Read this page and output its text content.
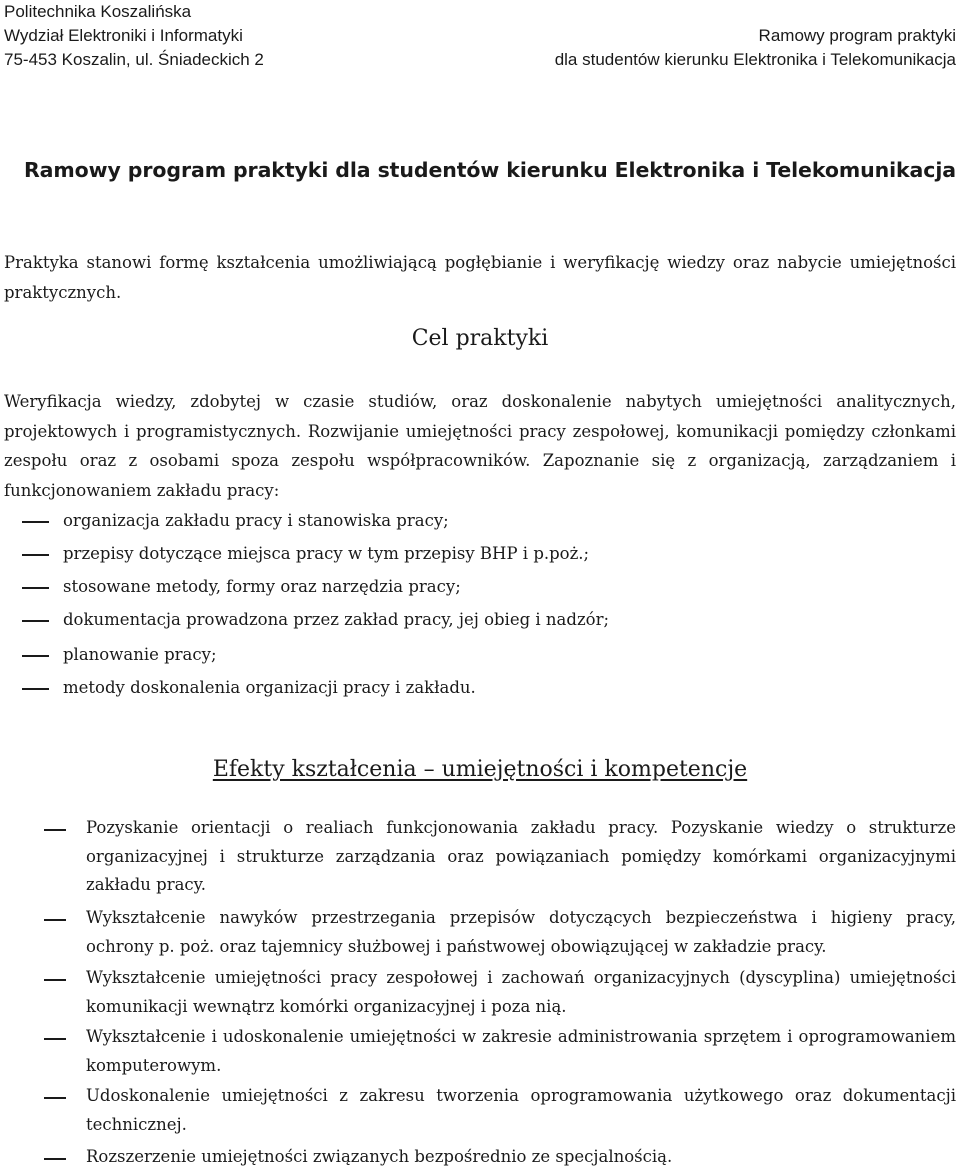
Politechnika Koszalińska
Wydział Elektroniki i Informatyki
75-453 Koszalin, ul. Śniadeckich 2
Ramowy program praktyki
dla studentów kierunku Elektronika i Telekomunikacja
Ramowy program praktyki dla studentów kierunku Elektronika i Telekomunikacja
Praktyka stanowi formę kształcenia umożliwiającą pogłębianie i weryfikację wiedzy oraz nabycie umiejętności praktycznych.
Cel praktyki
Weryfikacja wiedzy, zdobytej w czasie studiów, oraz doskonalenie nabytych umiejętności analitycznych, projektowych i programistycznych. Rozwijanie umiejętności pracy zespołowej, komunikacji pomiędzy członkami zespołu oraz z osobami spoza zespołu współpracowników. Zapoznanie się z organizacją, zarządzaniem i funkcjonowaniem zakładu pracy:
organizacja zakładu pracy i stanowiska pracy;
przepisy dotyczące miejsca pracy w tym przepisy BHP i p.poż.;
stosowane metody, formy oraz narzędzia pracy;
dokumentacja prowadzona przez zakład pracy, jej obieg i nadzór;
planowanie pracy;
metody doskonalenia organizacji pracy i zakładu.
Efekty kształcenia – umiejętności i kompetencje
Pozyskanie orientacji o realiach funkcjonowania zakładu pracy. Pozyskanie wiedzy o strukturze organizacyjnej i strukturze zarządzania oraz powiązaniach pomiędzy komórkami organizacyjnymi zakładu pracy.
Wykształcenie nawyków przestrzegania przepisów dotyczących bezpieczeństwa i higieny pracy, ochrony p. poż. oraz tajemnicy służbowej i państwowej obowiązującej w zakładzie pracy.
Wykształcenie umiejętności pracy zespołowej i zachowań organizacyjnych (dyscyplina) umiejętności komunikacji wewnątrz komórki organizacyjnej i poza nią.
Wykształcenie i udoskonalenie umiejętności w zakresie administrowania sprzętem i oprogramowaniem komputerowym.
Udoskonalenie umiejętności z zakresu tworzenia oprogramowania użytkowego oraz dokumentacji technicznej.
Rozszerzenie umiejętności związanych bezpośrednio ze specjalnością.
